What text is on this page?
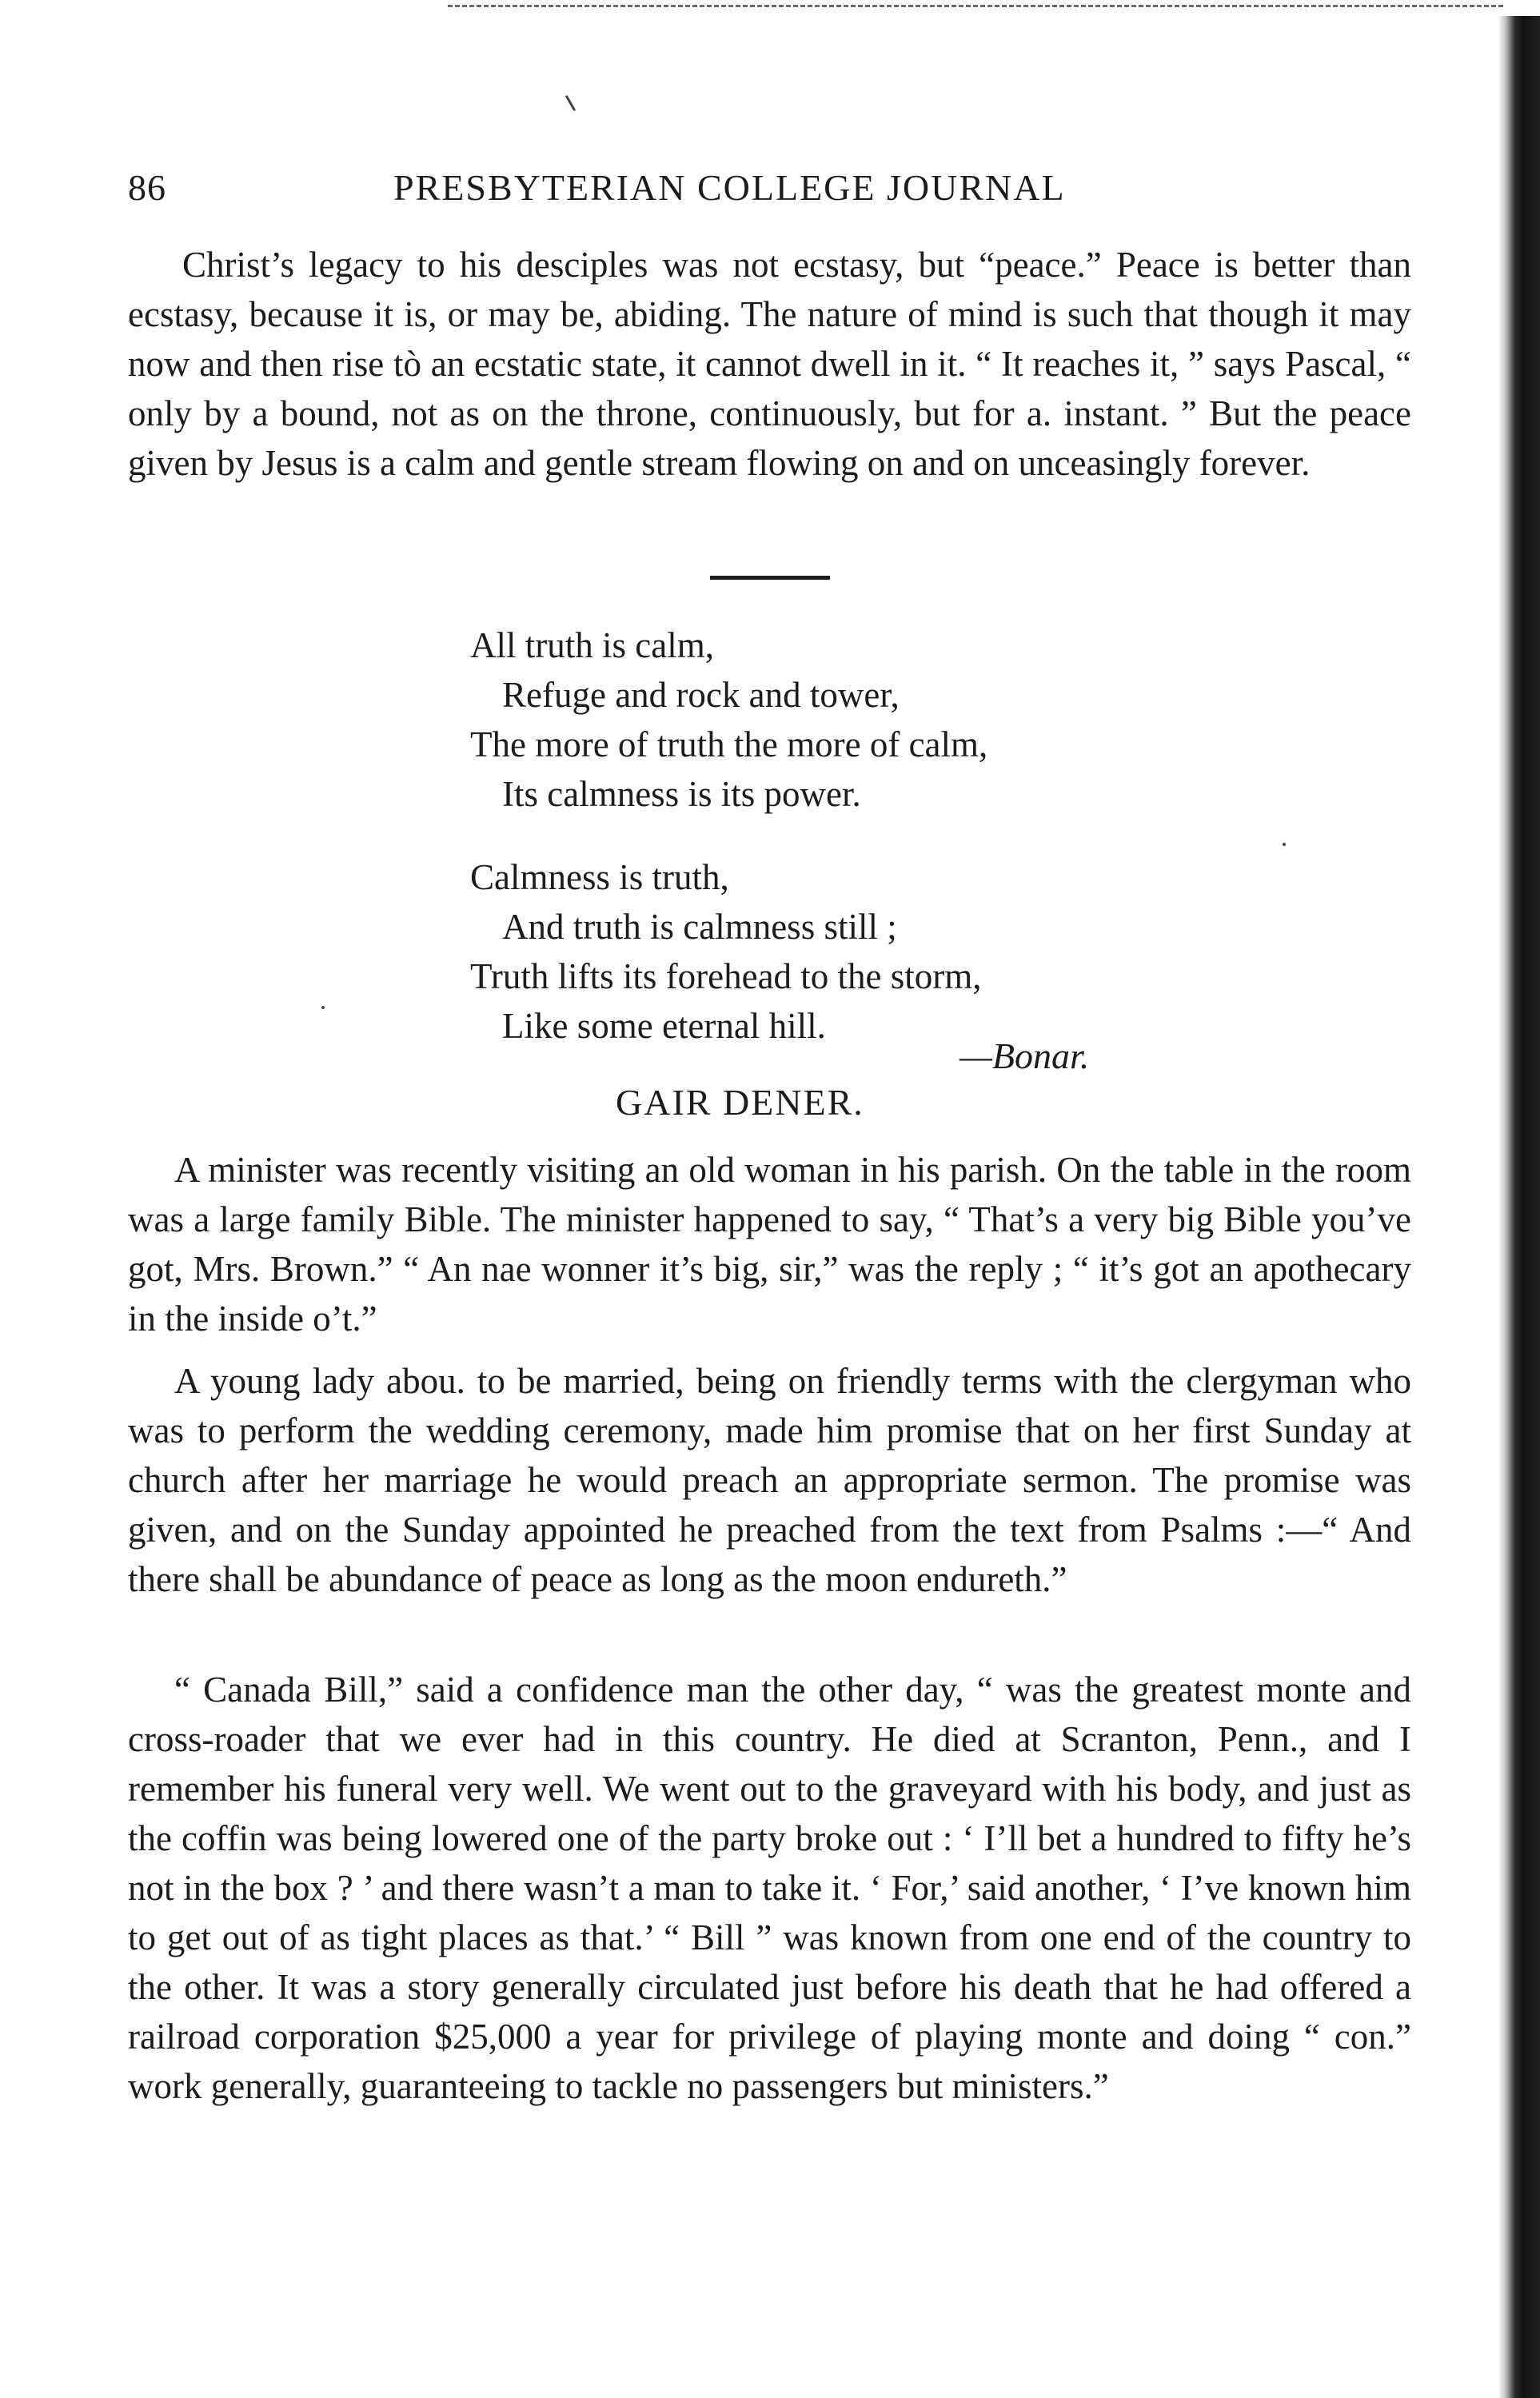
86	PRESBYTERIAN COLLEGE JOURNAL

Christ’s legacy to his desciples was not ecstasy, but “peace.” Peace is better than ecstasy, because it is, or may be, abiding. The nature of mind is such that though it may now and then rise tò an ecstatic state, it cannot dwell in it. “ It reaches it, ” says Pascal, “ only by a bound, not as on the throne, continuously, but for a. instant. ” But the peace given by Jesus is a calm and gentle stream flowing on and on unceasingly forever.

All truth is calm,
Refuge and rock and tower,
The more of truth the more of calm,
Its calmness is its power.
Calmness is truth,
And truth is calmness still ;
Truth lifts its forehead to the storm,
Like some eternal hill.
—Bonar.
GAIR DENER.

A minister was recently visiting an old woman in his parish. On the table in the room was a large family Bible. The minister happened to say, “ That’s a very big Bible you’ve got, Mrs. Brown.” “ An nae wonner it’s big, sir,” was the reply ; “ it’s got an apothecary in the inside o’t.”

A young lady abou. to be married, being on friendly terms with the clergyman who was to perform the wedding ceremony, made him promise that on her first Sunday at church after her marriage he would preach an appropriate sermon. The promise was given, and on the Sunday appointed he preached from the text from Psalms :—“ And there shall be abundance of peace as long as the moon endureth.”

“ Canada Bill,” said a confidence man the other day, “ was the greatest monte and cross-roader that we ever had in this country. He died at Scranton, Penn., and I remember his funeral very well. We went out to the graveyard with his body, and just as the coffin was being lowered one of the party broke out : ‘ I’ll bet a hundred to fifty he’s not in the box ? ’ and there wasn’t a man to take it. ‘ For,’ said another, ‘ I’ve known him to get out of as tight places as that.’ “ Bill ” was known from one end of the country to the other. It was a story generally circulated just before his death that he had offered a railroad corporation $25,000 a year for privilege of playing monte and doing “ con.” work generally, guaranteeing to tackle no passengers but ministers.”
